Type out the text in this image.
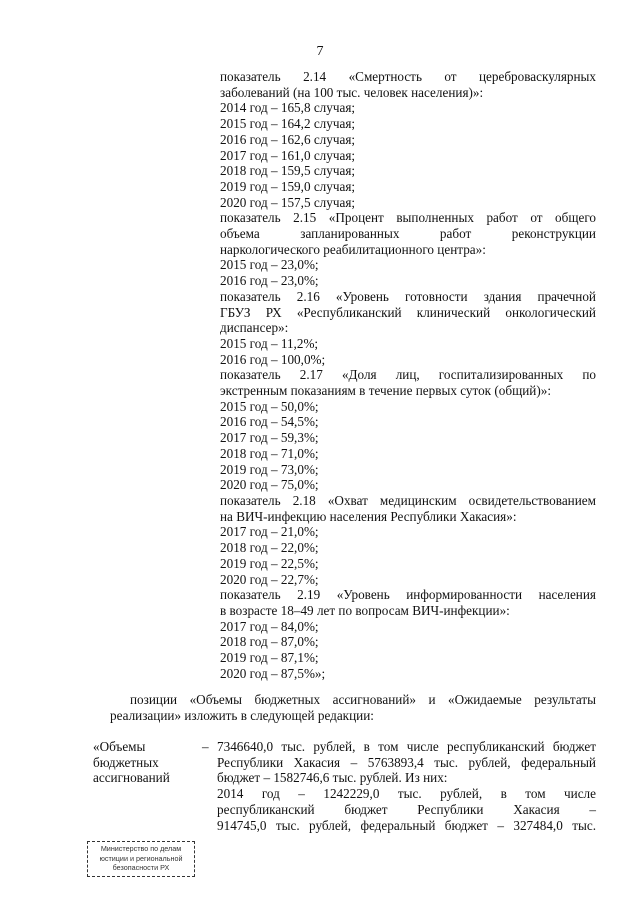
7
показатель 2.14 «Смертность от цереброваскулярных
заболеваний (на 100 тыс. человек населения)»:
2014 год – 165,8 случая;
2015 год – 164,2 случая;
2016 год – 162,6 случая;
2017 год – 161,0 случая;
2018 год – 159,5 случая;
2019 год – 159,0 случая;
2020 год – 157,5 случая;
показатель 2.15 «Процент выполненных работ от общего
объема запланированных работ реконструкции
наркологического реабилитационного центра»:
2015 год – 23,0%;
2016 год – 23,0%;
показатель 2.16 «Уровень готовности здания прачечной
ГБУЗ РХ «Республиканский клинический онкологический
диспансер»:
2015 год – 11,2%;
2016 год – 100,0%;
показатель 2.17 «Доля лиц, госпитализированных по
экстренным показаниям в течение первых суток (общий)»:
2015 год – 50,0%;
2016 год – 54,5%;
2017 год – 59,3%;
2018 год – 71,0%;
2019 год – 73,0%;
2020 год – 75,0%;
показатель 2.18 «Охват медицинским освидетельствованием
на ВИЧ-инфекцию населения Республики Хакасия»:
2017 год – 21,0%;
2018 год – 22,0%;
2019 год – 22,5%;
2020 год – 22,7%;
показатель 2.19 «Уровень информированности населения
в возрасте 18–49 лет по вопросам ВИЧ-инфекции»:
2017 год – 84,0%;
2018 год – 87,0%;
2019 год – 87,1%;
2020 год – 87,5%»;
позиции «Объемы бюджетных ассигнований» и «Ожидаемые результаты
реализации» изложить в следующей редакции:
«Объемы
бюджетных
ассигнований
– 7346640,0 тыс. рублей, в том числе республиканский бюджет
Республики Хакасия – 5763893,4 тыс. рублей, федеральный
бюджет – 1582746,6 тыс. рублей. Из них:
2014 год – 1242229,0 тыс. рублей, в том числе
республиканский бюджет Республики Хакасия –
914745,0 тыс. рублей, федеральный бюджет – 327484,0 тыс.
Министерство по делам
юстиции и региональной
безопасности РХ
